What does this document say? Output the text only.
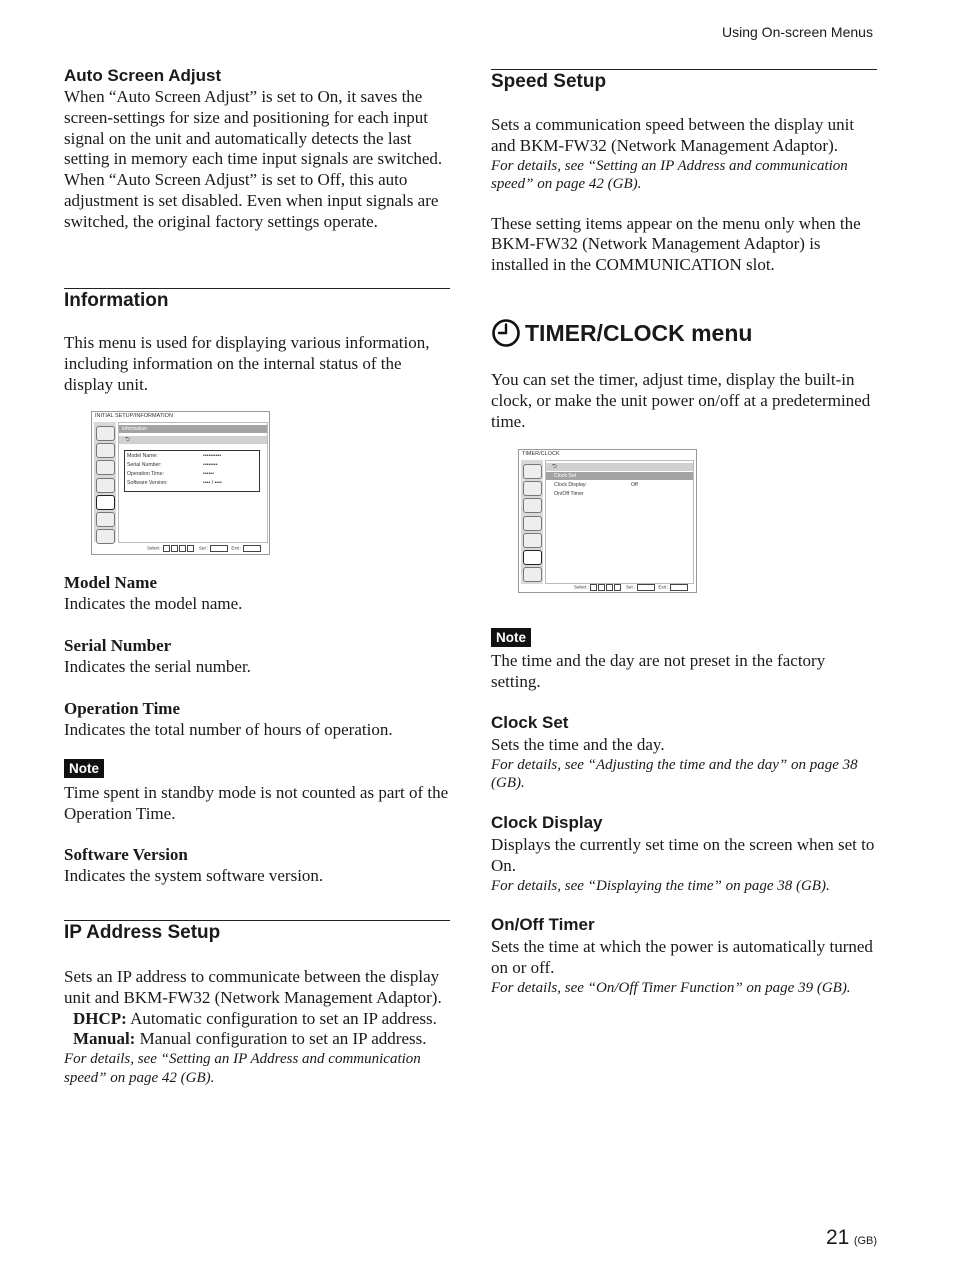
Using On-screen Menus
Auto Screen Adjust
When “Auto Screen Adjust” is set to On, it saves the screen-settings for size and positioning for each input signal on the unit and automatically detects the last setting in memory each time input signals are switched.
When “Auto Screen Adjust” is set to Off, this auto adjustment is set disabled. Even when input signals are switched, the original factory settings operate.
Information
This menu is used for displaying various information, including information on the internal status of the display unit.
INITIAL SETUP/INFORMATION
Information
⮌
Model Name:	••••••••••
Serial Number:	••••••••
Operation Time:	••••••
Software Version:	•••• / ••••
Select :	Set :	Exit :
Model Name
Indicates the model name.
Serial Number
Indicates the serial number.
Operation Time
Indicates the total number of hours of operation.
Note
Time spent in standby mode is not counted as part of the Operation Time.
Software Version
Indicates the system software version.
IP Address Setup
Sets an IP address to communicate between the display unit and BKM-FW32 (Network Management Adaptor).
DHCP: Automatic configuration to set an IP address.
Manual: Manual configuration to set an IP address.
For details, see “Setting an IP Address and communication speed” on page 42 (GB).
Speed Setup
Sets a communication speed between the display unit and BKM-FW32 (Network Management Adaptor).
For details, see “Setting an IP Address and communication speed” on page 42 (GB).
These setting items appear on the menu only when the BKM-FW32 (Network Management Adaptor) is installed in the COMMUNICATION slot.
TIMER/CLOCK menu
You can set the timer, adjust time, display the built-in clock, or make the unit power on/off at a predetermined time.
TIMER/CLOCK
⮌
Clock Set
Clock Display:	Off
On/Off Timer
Select :	Set :	Exit :
Note
The time and the day are not preset in the factory setting.
Clock Set
Sets the time and the day.
For details, see “Adjusting the time and the day” on page 38 (GB).
Clock Display
Displays the currently set time on the screen when set to On.
For details, see “Displaying the time” on page 38 (GB).
On/Off Timer
Sets the time at which the power is automatically turned on or off.
For details, see “On/Off Timer Function” on page 39 (GB).
21 (GB)
